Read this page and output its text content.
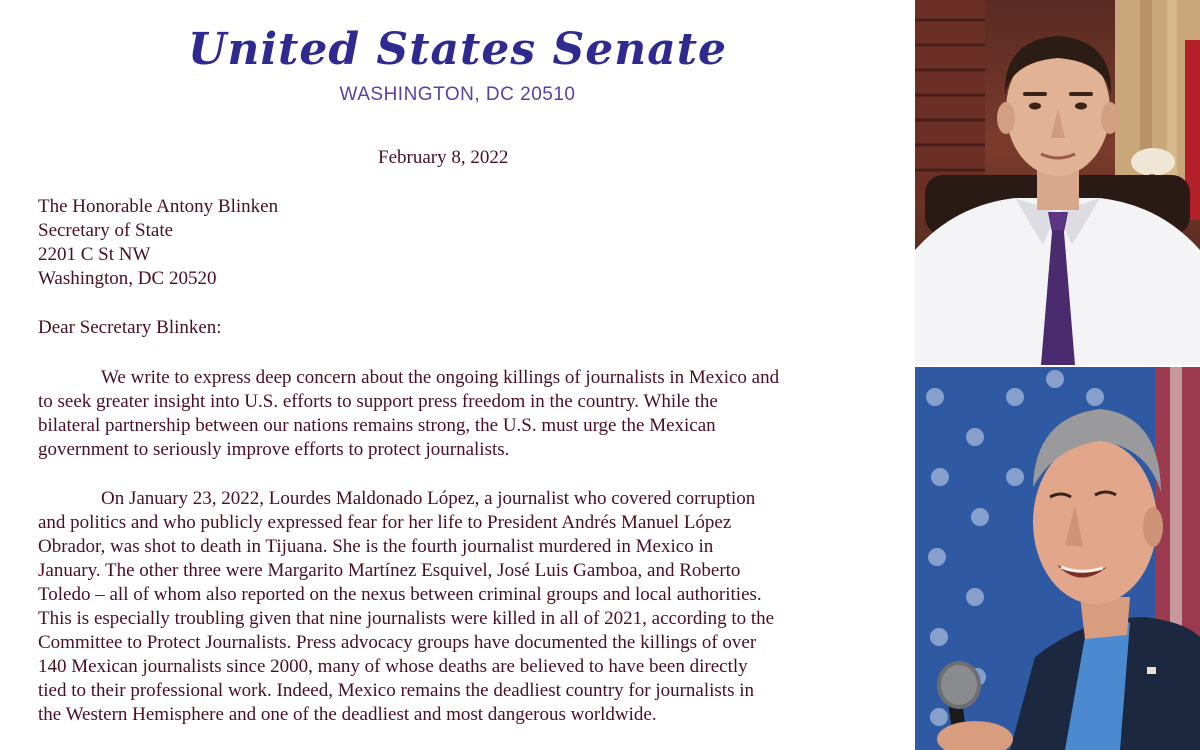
United States Senate
WASHINGTON, DC 20510
February 8, 2022
The Honorable Antony Blinken
Secretary of State
2201 C St NW
Washington, DC 20520
Dear Secretary Blinken:
We write to express deep concern about the ongoing killings of journalists in Mexico and
to seek greater insight into U.S. efforts to support press freedom in the country. While the
bilateral partnership between our nations remains strong, the U.S. must urge the Mexican
government to seriously improve efforts to protect journalists.
On January 23, 2022, Lourdes Maldonado López, a journalist who covered corruption
and politics and who publicly expressed fear for her life to President Andrés Manuel López
Obrador, was shot to death in Tijuana. She is the fourth journalist murdered in Mexico in
January. The other three were Margarito Martínez Esquivel, José Luis Gamboa, and Roberto
Toledo – all of whom also reported on the nexus between criminal groups and local authorities.
This is especially troubling given that nine journalists were killed in all of 2021, according to the
Committee to Protect Journalists. Press advocacy groups have documented the killings of over
140 Mexican journalists since 2000, many of whose deaths are believed to have been directly
tied to their professional work. Indeed, Mexico remains the deadliest country for journalists in
the Western Hemisphere and one of the deadliest and most dangerous worldwide.
